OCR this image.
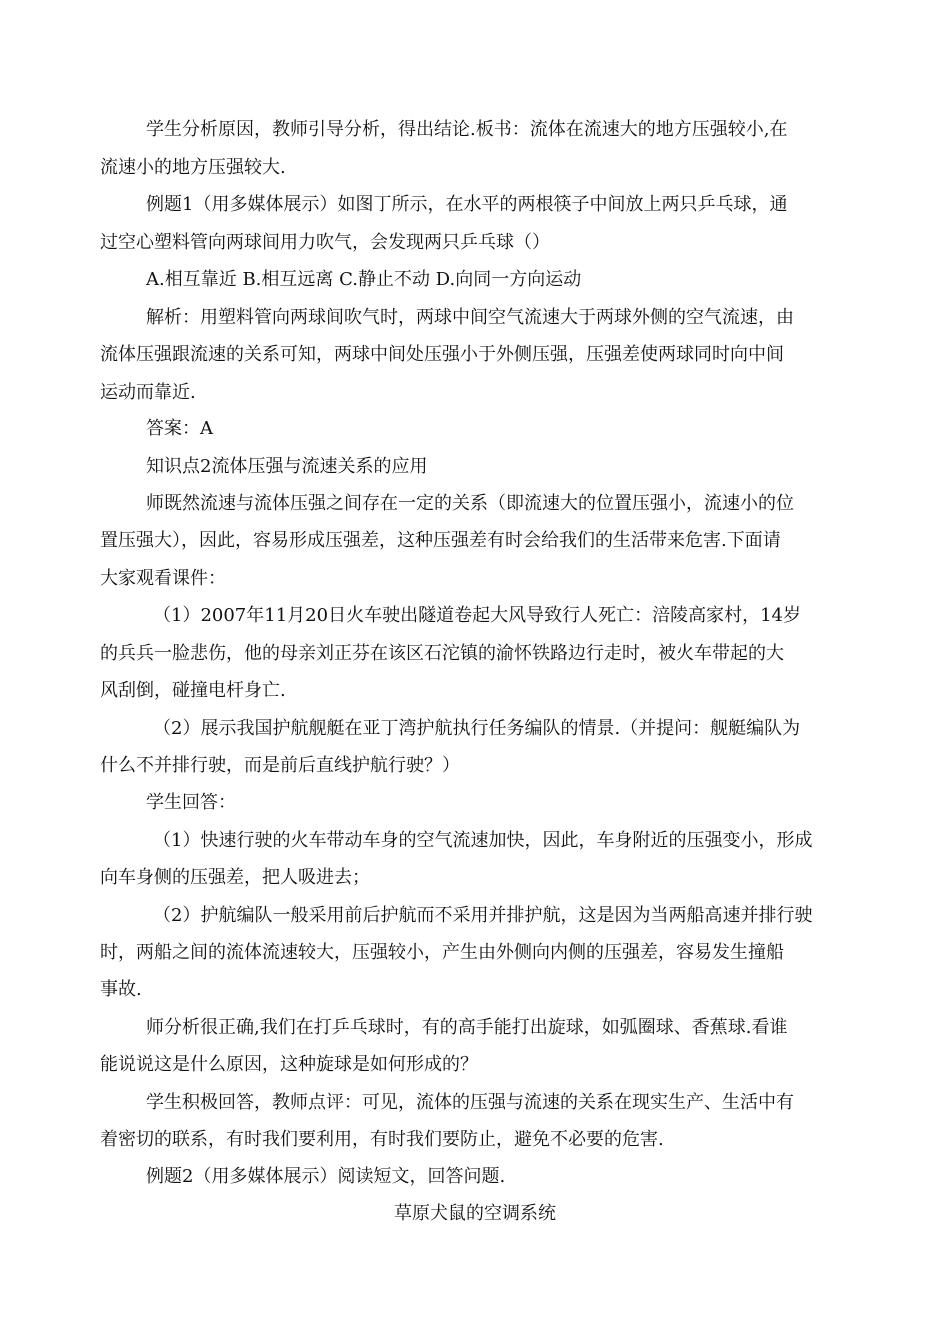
学生分析原因，教师引导分析，得出结论.板书：流体在流速大的地方压强较小,在
流速小的地方压强较大.
例题1（用多媒体展示）如图丁所示，在水平的两根筷子中间放上两只乒乓球，通
过空心塑料管向两球间用力吹气，会发现两只乒乓球（）
A.相互靠近 B.相互远离 C.静止不动 D.向同一方向运动
解析：用塑料管向两球间吹气时，两球中间空气流速大于两球外侧的空气流速，由
流体压强跟流速的关系可知，两球中间处压强小于外侧压强，压强差使两球同时向中间
运动而靠近.
答案：A
知识点2流体压强与流速关系的应用
师既然流速与流体压强之间存在一定的关系（即流速大的位置压强小，流速小的位
置压强大），因此，容易形成压强差，这种压强差有时会给我们的生活带来危害.下面请
大家观看课件：
（1）2007年11月20日火车驶出隧道卷起大风导致行人死亡：涪陵高家村，14岁
的兵兵一脸悲伤，他的母亲刘正芬在该区石沱镇的渝怀铁路边行走时，被火车带起的大
风刮倒，碰撞电杆身亡.
（2）展示我国护航舰艇在亚丁湾护航执行任务编队的情景.（并提问：舰艇编队为
什么不并排行驶，而是前后直线护航行驶？）
学生回答：
（1）快速行驶的火车带动车身的空气流速加快，因此，车身附近的压强变小，形成
向车身侧的压强差，把人吸进去；
（2）护航编队一般采用前后护航而不采用并排护航，这是因为当两船高速并排行驶
时，两船之间的流体流速较大，压强较小，产生由外侧向内侧的压强差，容易发生撞船
事故.
师分析很正确,我们在打乒乓球时，有的高手能打出旋球，如弧圈球、香蕉球.看谁
能说说这是什么原因，这种旋球是如何形成的？
学生积极回答，教师点评：可见，流体的压强与流速的关系在现实生产、生活中有
着密切的联系，有时我们要利用，有时我们要防止，避免不必要的危害.
例题2（用多媒体展示）阅读短文，回答问题.
草原犬鼠的空调系统
